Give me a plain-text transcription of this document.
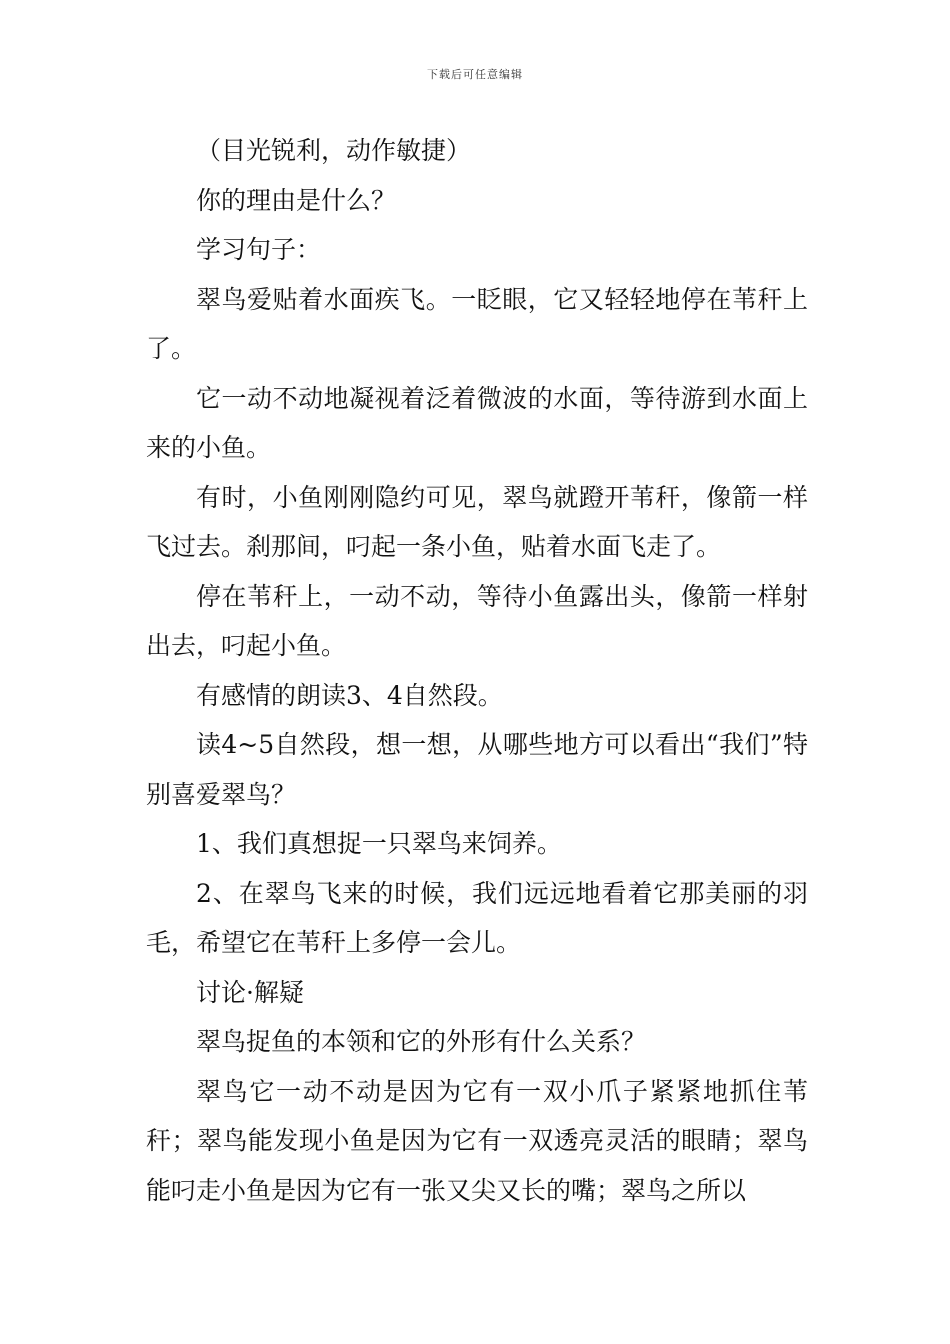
下载后可任意编辑

（目光锐利，动作敏捷）

你的理由是什么？

学习句子：

翠鸟爱贴着水面疾飞。一眨眼，它又轻轻地停在苇秆上了。

它一动不动地凝视着泛着微波的水面，等待游到水面上来的小鱼。

有时，小鱼刚刚隐约可见，翠鸟就蹬开苇秆，像箭一样飞过去。刹那间，叼起一条小鱼，贴着水面飞走了。

停在苇秆上，一动不动，等待小鱼露出头，像箭一样射出去，叼起小鱼。

有感情的朗读3、4自然段。

读4~5自然段，想一想，从哪些地方可以看出“我们”特别喜爱翠鸟？

1、我们真想捉一只翠鸟来饲养。

2、在翠鸟飞来的时候，我们远远地看着它那美丽的羽毛，希望它在苇秆上多停一会儿。

讨论·解疑

翠鸟捉鱼的本领和它的外形有什么关系？

翠鸟它一动不动是因为它有一双小爪子紧紧地抓住苇秆；翠鸟能发现小鱼是因为它有一双透亮灵活的眼睛；翠鸟能叼走小鱼是因为它有一张又尖又长的嘴；翠鸟之所以
